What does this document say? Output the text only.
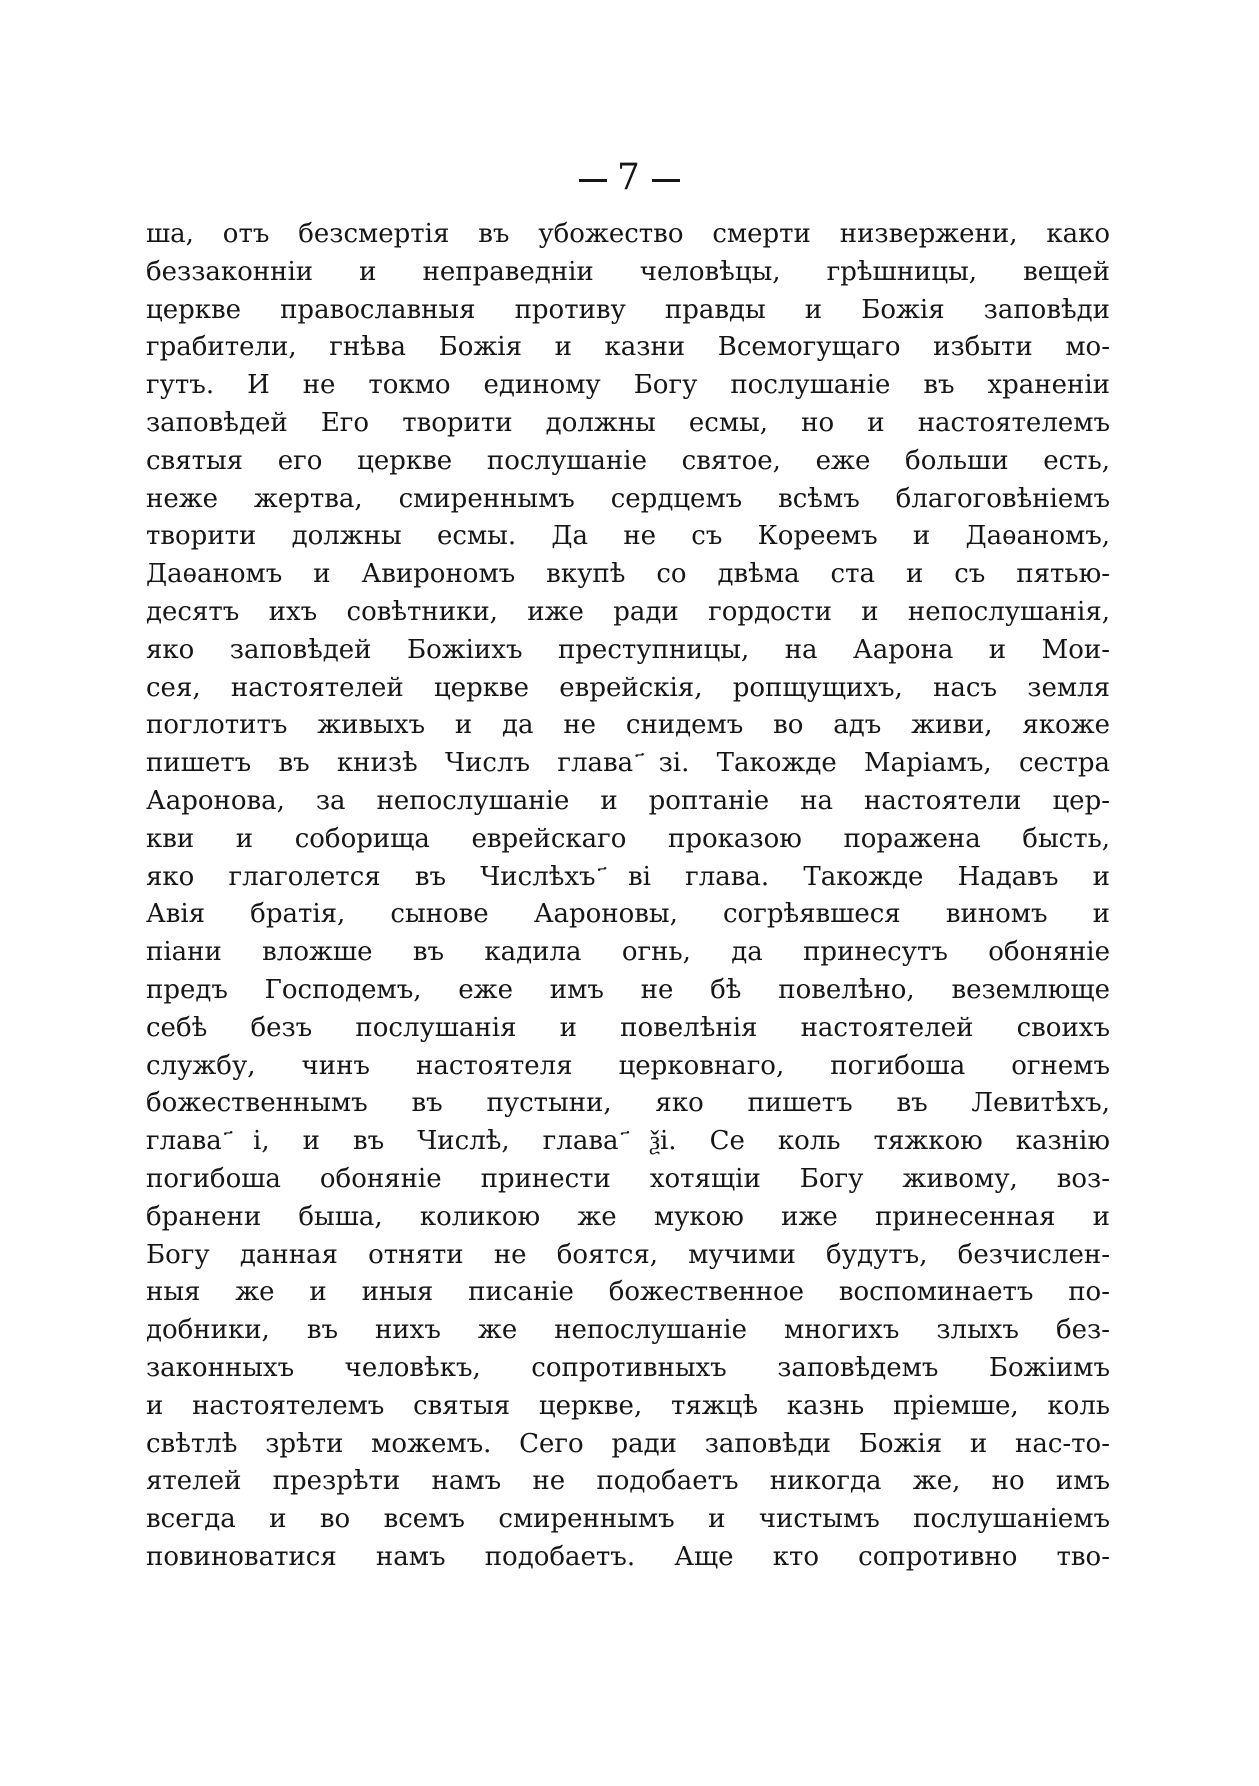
7
ша, отъ безсмертія въ убожество смерти низвержени, како
беззаконніи и неправедніи человѣцы, грѣшницы, вещей
церкве православныя противу правды и Божія заповѣди
грабители, гнѣва Божія и казни Всемогущаго избыти мо-
гутъ. И не токмо единому Богу послушаніе въ храненіи
заповѣдей Его творити должны есмы, но и настоятелемъ
святыя его церкве послушаніе святое, еже больши есть,
неже жертва, смиреннымъ сердцемъ всѣмъ благоговѣніемъ
творити должны есмы. Да не съ Кореемъ и Даѳаномъ,
Даѳаномъ и Авирономъ вкупѣ со двѣма ста и съ пятью-
десятъ ихъ совѣтники, иже ради гордости и непослушанія,
яко заповѣдей Божіихъ преступницы, на Аарона и Мои-
сея, настоятелей церкве еврейскія, ропщущихъ, насъ земля
поглотитъ живыхъ и да не снидемъ во адъ живи, якоже
пишетъ въ книзѣ Числъ глава ҃зі. Такожде Маріамъ, сестра
Ааронова, за непослушаніе и роптаніе на настоятели цер-
кви и соборища еврейскаго проказою поражена бысть,
яко глаголется въ Числѣхъ ҃ві глава. Такожде Надавъ и
Авія братія, сынове Аароновы, согрѣявшеся виномъ и
піани вложше въ кадила огнь, да принесутъ обоняніе
предъ Господемъ, еже имъ не бѣ повелѣно, веземлюще
себѣ безъ послушанія и повелѣнія настоятелей своихъ
службу, чинъ настоятеля церковнаго, погибоша огнемъ
божественнымъ въ пустыни, яко пишетъ въ Левитѣхъ,
глава ҃і, и въ Числѣ, глава ҃ѯі. Се коль тяжкою казнію
погибоша обоняніе принести хотящіи Богу живому, воз-
бранени быша, коликою же мукою иже принесенная и
Богу данная отняти не боятся, мучими будутъ, безчислен-
ныя же и иныя писаніе божественное воспоминаетъ по-
добники, въ нихъ же непослушаніе многихъ злыхъ без-
законныхъ человѣкъ, сопротивныхъ заповѣдемъ Божіимъ
и настоятелемъ святыя церкве, тяжцѣ казнь пріемше, коль
свѣтлѣ зрѣти можемъ. Сего ради заповѣди Божія и нас-то-
ятелей презрѣти намъ не подобаетъ никогда же, но имъ
всегда и во всемъ смиреннымъ и чистымъ послушаніемъ
повиноватися намъ подобаетъ. Аще кто сопротивно тво-
